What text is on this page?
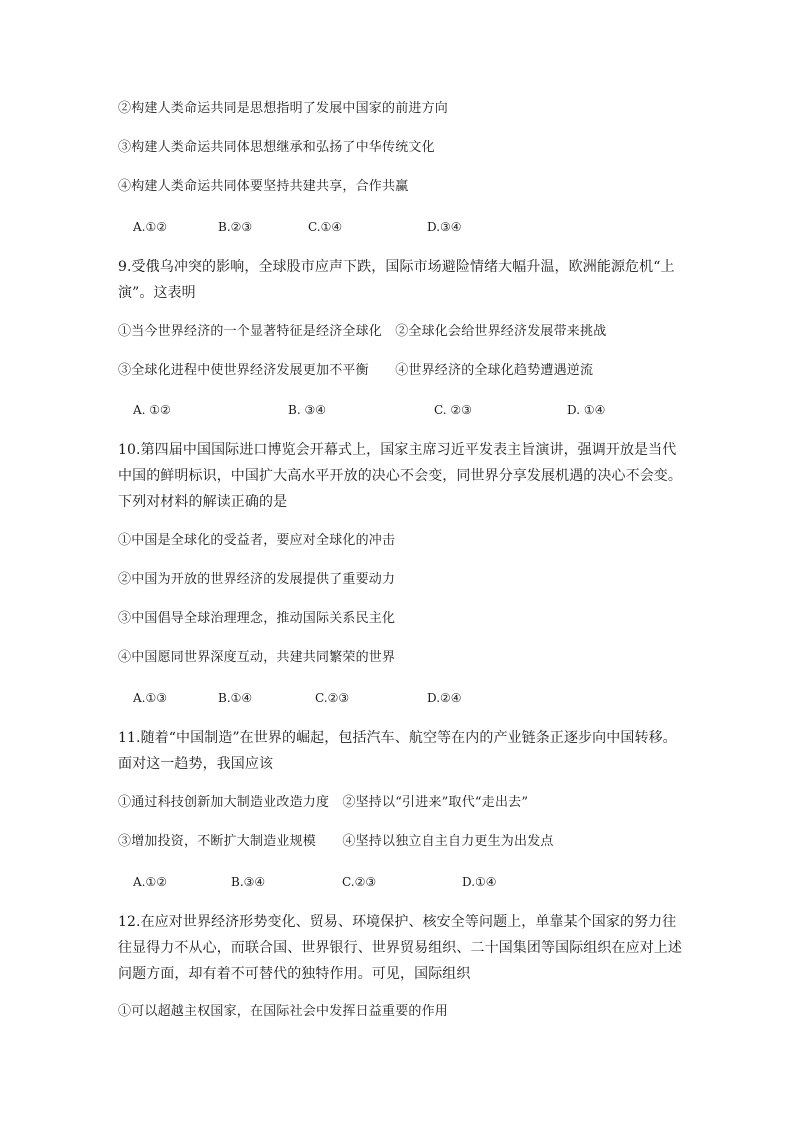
②构建人类命运共同是思想指明了发展中国家的前进方向
③构建人类命运共同体思想继承和弘扬了中华传统文化
④构建人类命运共同体要坚持共建共享，合作共赢
A.①②	B.②③	C.①④	D.③④
9.受俄乌冲突的影响，全球股市应声下跌，国际市场避险情绪大幅升温，欧洲能源危机“上
演”。这表明
①当今世界经济的一个显著特征是经济全球化　②全球化会给世界经济发展带来挑战
③全球化进程中使世界经济发展更加不平衡　　④世界经济的全球化趋势遭遇逆流
A. ①②	B. ③④	C. ②③	D. ①④
10.第四届中国国际进口博览会开幕式上，国家主席习近平发表主旨演讲，强调开放是当代
中国的鲜明标识，中国扩大高水平开放的决心不会变，同世界分享发展机遇的决心不会变。
下列对材料的解读正确的是
①中国是全球化的受益者，要应对全球化的冲击
②中国为开放的世界经济的发展提供了重要动力
③中国倡导全球治理理念，推动国际关系民主化
④中国愿同世界深度互动，共建共同繁荣的世界
A.①③	B.①④	C.②③	D.②④
11.随着“中国制造”在世界的崛起，包括汽车、航空等在内的产业链条正逐步向中国转移。
面对这一趋势，我国应该
①通过科技创新加大制造业改造力度　②坚持以“引进来”取代“走出去”
③增加投资，不断扩大制造业规模　　④坚持以独立自主自力更生为出发点
A.①②	B.③④	C.②③	D.①④
12.在应对世界经济形势变化、贸易、环境保护、核安全等问题上，单靠某个国家的努力往
往显得力不从心，而联合国、世界银行、世界贸易组织、二十国集团等国际组织在应对上述
问题方面，却有着不可替代的独特作用。可见，国际组织
①可以超越主权国家，在国际社会中发挥日益重要的作用
